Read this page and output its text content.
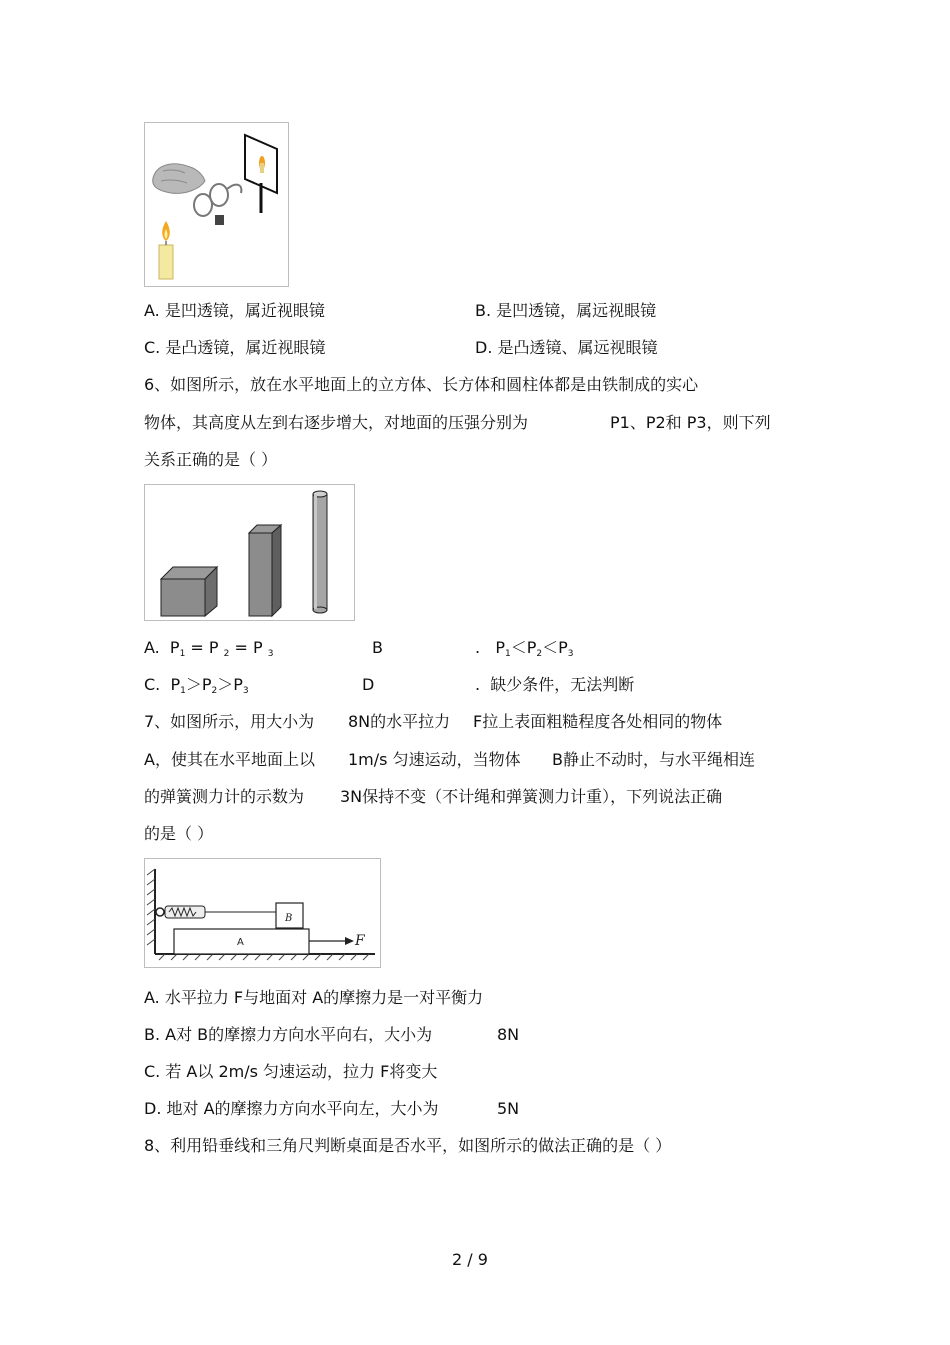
A. 是凹透镜，属近视眼镜	B. 是凹透镜，属远视眼镜
C. 是凸透镜，属近视眼镜	D. 是凸透镜、属远视眼镜
6、如图所示，放在水平地面上的立方体、长方体和圆柱体都是由铁制成的实心
物体，其高度从左到右逐步增大，对地面的压强分别为	P1、P2和 P3，则下列
关系正确的是（ ）
A. $P_1 = P$ $_2$ = P $_3$	B	. $P_1<P_2<P_3$
C. $P_1>P_2>P_3$	D	. 缺少条件，无法判断
7、如图所示，用大小为 8N的水平拉力 F拉上表面粗糙程度各处相同的物体
A，使其在水平地面上以 1m/s 匀速运动，当物体 B静止不动时，与水平绳相连
的弹簧测力计的示数为 3N保持不变（不计绳和弹簧测力计重），下列说法正确
的是（ ）
B
A	F
A. 水平拉力 F与地面对 A的摩擦力是一对平衡力
B. A对 B的摩擦力方向水平向右，大小为	8N
C. 若 A以 2m/s 匀速运动，拉力 F将变大
D. 地对 A的摩擦力方向水平向左，大小为	5N
8、利用铅垂线和三角尺判断桌面是否水平，如图所示的做法正确的是（ ）
2 / 9
